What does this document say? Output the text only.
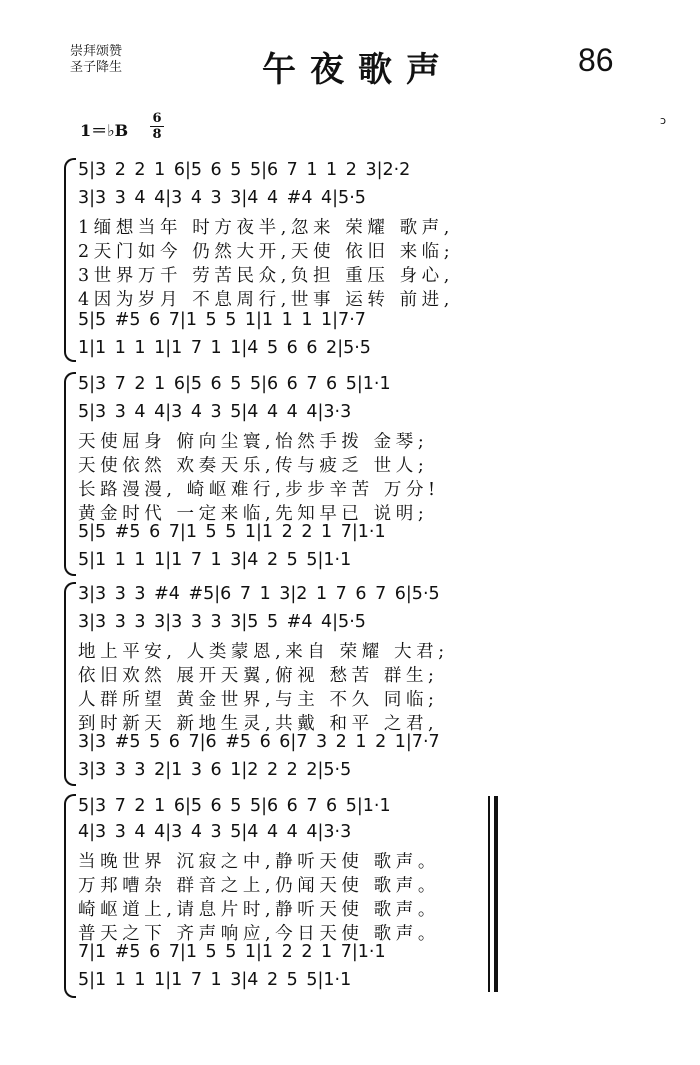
崇拜颂赞
圣子降生	午夜歌声	86
1＝♭B
6
8
ᴐ
5|3 2 2 1 6|5 6 5 5|6 7 1 1 2 3|2·2
3|3 3 4 4|3 4 3 3|4 4 #4 4|5·5
1缅想当年 时方夜半,忽来 荣耀 歌声,
2天门如今 仍然大开,天使 依旧 来临;
3世界万千 劳苦民众,负担 重压 身心,
4因为岁月 不息周行,世事 运转 前进,
5|5 #5 6 7|1 5 5 1|1 1 1 1|7·7
1|1 1 1 1|1 7 1 1|4 5 6 6 2|5·5
5|3 7 2 1 6|5 6 5 5|6 6 7 6 5|1·1
5|3 3 4 4|3 4 3 5|4 4 4 4|3·3
天使屈身 俯向尘寰,怡然手拨 金琴;
天使依然 欢奏天乐,传与疲乏 世人;
长路漫漫, 崎岖难行,步步辛苦 万分!
黄金时代 一定来临,先知早已 说明;
5|5 #5 6 7|1 5 5 1|1 2 2 1 7|1·1
5|1 1 1 1|1 7 1 3|4 2 5 5|1·1
3|3 3 3 #4 #5|6 7 1 3|2 1 7 6 7 6|5·5
3|3 3 3 3|3 3 3 3|5 5 #4 4|5·5
地上平安, 人类蒙恩,来自 荣耀 大君;
依旧欢然 展开天翼,俯视 愁苦 群生;
人群所望 黄金世界,与主 不久 同临;
到时新天 新地生灵,共戴 和平 之君,
3|3 #5 5 6 7|6 #5 6 6|7 3 2 1 2 1|7·7
3|3 3 3 2|1 3 6 1|2 2 2 2|5·5
5|3 7 2 1 6|5 6 5 5|6 6 7 6 5|1·1
4|3 3 4 4|3 4 3 5|4 4 4 4|3·3
当晚世界 沉寂之中,静听天使 歌声。
万邦嘈杂 群音之上,仍闻天使 歌声。
崎岖道上,请息片时,静听天使 歌声。
普天之下 齐声响应,今日天使 歌声。
7|1 #5 6 7|1 5 5 1|1 2 2 1 7|1·1
5|1 1 1 1|1 7 1 3|4 2 5 5|1·1
